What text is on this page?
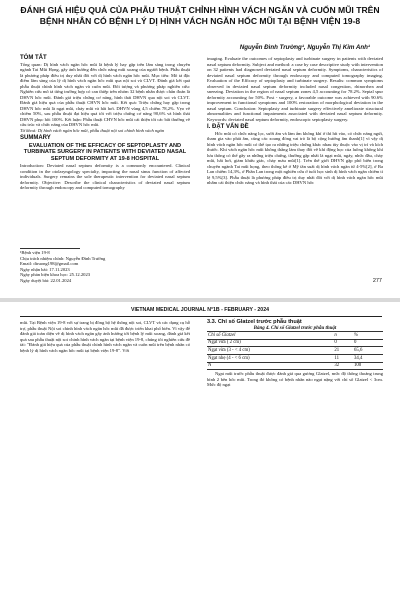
ĐÁNH GIÁ HIỆU QUẢ CỦA PHẪU THUẬT CHỈNH HÌNH VÁCH NGĂN VÀ CUỐN MŨI TRÊN BỆNH NHÂN CÓ BỆNH LÝ DỊ HÌNH VÁCH NGĂN HỐC MŨI TẠI BỆNH VIỆN 19-8
Nguyễn Đình Trường¹, Nguyễn Thị Kim Anh¹

TÓM TẮT

Tổng quan: Dị hình vách ngăn hốc mũi là bệnh lý hay gặp trên lâm sàng trong chuyên ngành Tai Mũi Họng, gây ảnh hưởng đến chức năng mũi xoang của người bệnh. Phẫu thuật là phương pháp điều trị duy nhất đối với dị hình vách ngăn hốc mũi. Mục tiêu: Mô tả đặc điểm lâm sàng của lý dị hình vách ngăn hốc mũi qua nội soi và CLVT. Đánh giá kết quả phẫu thuật chỉnh hình vách ngăn và cuốn mũi. Đối tượng và phương pháp nghiên cứu: Nghiên cứu mô tả từng trường hợp có can thiệp trên nhóm 32 bệnh nhân được chẩn đoán là DHVN hốc mũi. Đánh giá triệu chứng cơ năng, hình thái DHVN qua nội soi và CLVT. Đánh giá hiệu quả của phẫu thuật CHVN hốc mũi. Kết quả: Triệu chứng hay gặp trong DHVN hốc mũi là ngạt mũi, chảy mũi và hắt hơi. DHVN vùng 4,5 chiếm 78,2%. Vẹo vê chiếm 50%, sau phẫu thuật đạt hiệu quả tốt với triệu chứng cơ năng 90,6% và hình thái DHVN phục hồi 100%. Kết luận: Phẫu thuật CHVN hốc mũi cải thiện tốt các bất thường về cấu trúc và chức năng của DHVN hốc mũi.

Từ khoá: Dị hình vách ngăn hốc mũi, phẫu thuật nội soi chỉnh hình vách ngăn

SUMMARY

EVALUATION OF THE EFFICACY OF SEPTOPLASTY AND TURBINATE SURGERY IN PATIENTS WITH DEVIATED NASAL SEPTUM DEFORMITY AT 19-8 HOSPITAL

Introduction: Deviated nasal septum deformity is a commonly encountered. Clinical condition in the otolaryngology specialty, impacting the nasal sinus function of affected individuals. Surgery remains the sole therapeutic intervention for deviated nasal septum deformity. Objective: Describe the clinical characteristics of deviated nasal septum deformity through endoscopy and computed tomography

¹Bệnh viện 19-8
Chịu trách nhiệm chính: Nguyễn Đình Trường
Email: dtruong198@gmail.com
Ngày nhận bài: 17.11.2023
Ngày phản biện khoa học: 25.12.2023
Ngày duyệt bài: 22.01.2024

imaging. Evaluate the outcomes of septoplasty and turbinate surgery in patients with deviated nasal septum deformity. Subject and method: a case by case descriptive study with intervention on 32 patients had diagnosed deviated nasal septum deformity. Symptoms, characteristics of deviated nasal septum deformity through endoscopy and computed tomography imaging. Evaluation of the Efficacy of septoplasty and turbinate surgery. Results: common symptoms observed in deviated nasal septum deformity included nasal congestion, rhinorrhea and sneezing. Deviation in the region of nasal septum zones 4,5 accounting for 78.2%. Septal spur deformity accounting for 50%. Post - surgery, a favorable outcome was achieved with 90.6% improvement in functional symptoms and 100% restoration of morphological deviation in the nasal septum. Conclusion: Septoplasty and turbinate surgery effectively ameliorate structural abnormalities and functional impairments associated with deviated nasal septum deformity. Keywords: deviated nasal septum deformity, endoscopic septoplasty surgery.

I. ĐẶT VẤN ĐỀ

Hốc mũi có chức năng lọc, sưởi ấm và làm ẩm không khí ở thì hít vào, có chức năng ngửi, tham gia vào phát âm, cùng các xoang đóng vai trò là bộ cộng hưởng âm thanh[1] vì vậy dị hình vách ngăn hốc mũi có thể tạo ra những triệu chứng khác nhau tùy thuộc vào vị trí và kích thước. Khi vách ngăn hốc mũi không thẳng làm thay đổi về khí động học của luồng không khí lưu thông có thể gây ra những triệu chứng, thường gặp nhất là ngạt mũi, ngáy, nhức đầu, chảy mũi, hắt hơi, giảm khứu giác, chảy máu mũi[1]. Trên thế giới DHVN gặp phổ biến trong chuyên ngành Tai mũi họng, theo thống kê ở Mỹ tần suất dị hình vách ngăn từ 4-5%[2], ở Ba Lan chiếm 14,3%, ở Phần Lan trong một nghiên cứu ở tuổi học sinh dị hình vách ngăn chiếm tỉ lệ 9,5%[3]. Phẫu thuật là phương pháp điều trị duy nhất đối với dị hình vách ngăn hốc mũi nhằm cải thiện chức năng và hình thái của các DHVN hốc

277
VIETNAM MEDICAL JOURNAL N°1B - FEBRUARY - 2024

mũi. Tại Bệnh viện 19-8 với sự trang bị đồng bộ hệ thống nội soi, CLVT và các dụng cụ hỗ trợ, phẫu thuật Nội soi chỉnh hình vách ngăn hốc mũi đã được triển khai phổ biến. Vì vậy để đánh giá toàn diện về dị hình vách ngăn gây ảnh hưởng tới bệnh lý mũi xoang, đánh giá kết quả sau phẫu thuật nội soi chỉnh hình vách ngăn tại bệnh viện 19-8, chúng tôi nghiên cứu đề tài: "Đánh giá hiệu quả của phẫu thuật chỉnh hình vách ngăn và cuốn mũi trên bệnh nhân có bệnh lý dị hình vách ngăn hốc mũi tại bệnh viện 19-8". Với

3.3. Chỉ số Glatzel trước phẫu thuật
Bảng 4. Chỉ số Glatzel trước phẫu thuật
Chỉ số Glatzel	n	%
Ngạt vừa ( 2 cm)	0	0
Ngạt vừa (3 - < 4 cm)	21	65,6
Ngạt nhẹ (4 - < 6 cm)	11	34,4
N	32	100

Ngạt mũi trước phẫu thuật được đánh giá qua gương Glatzel, mức độ thông thoáng trung bình 2 bên hốc mũi. Trong đó không có bệnh nhân nào ngạt nặng với chỉ số Glatzel < 3cm. Mức độ ngạt
